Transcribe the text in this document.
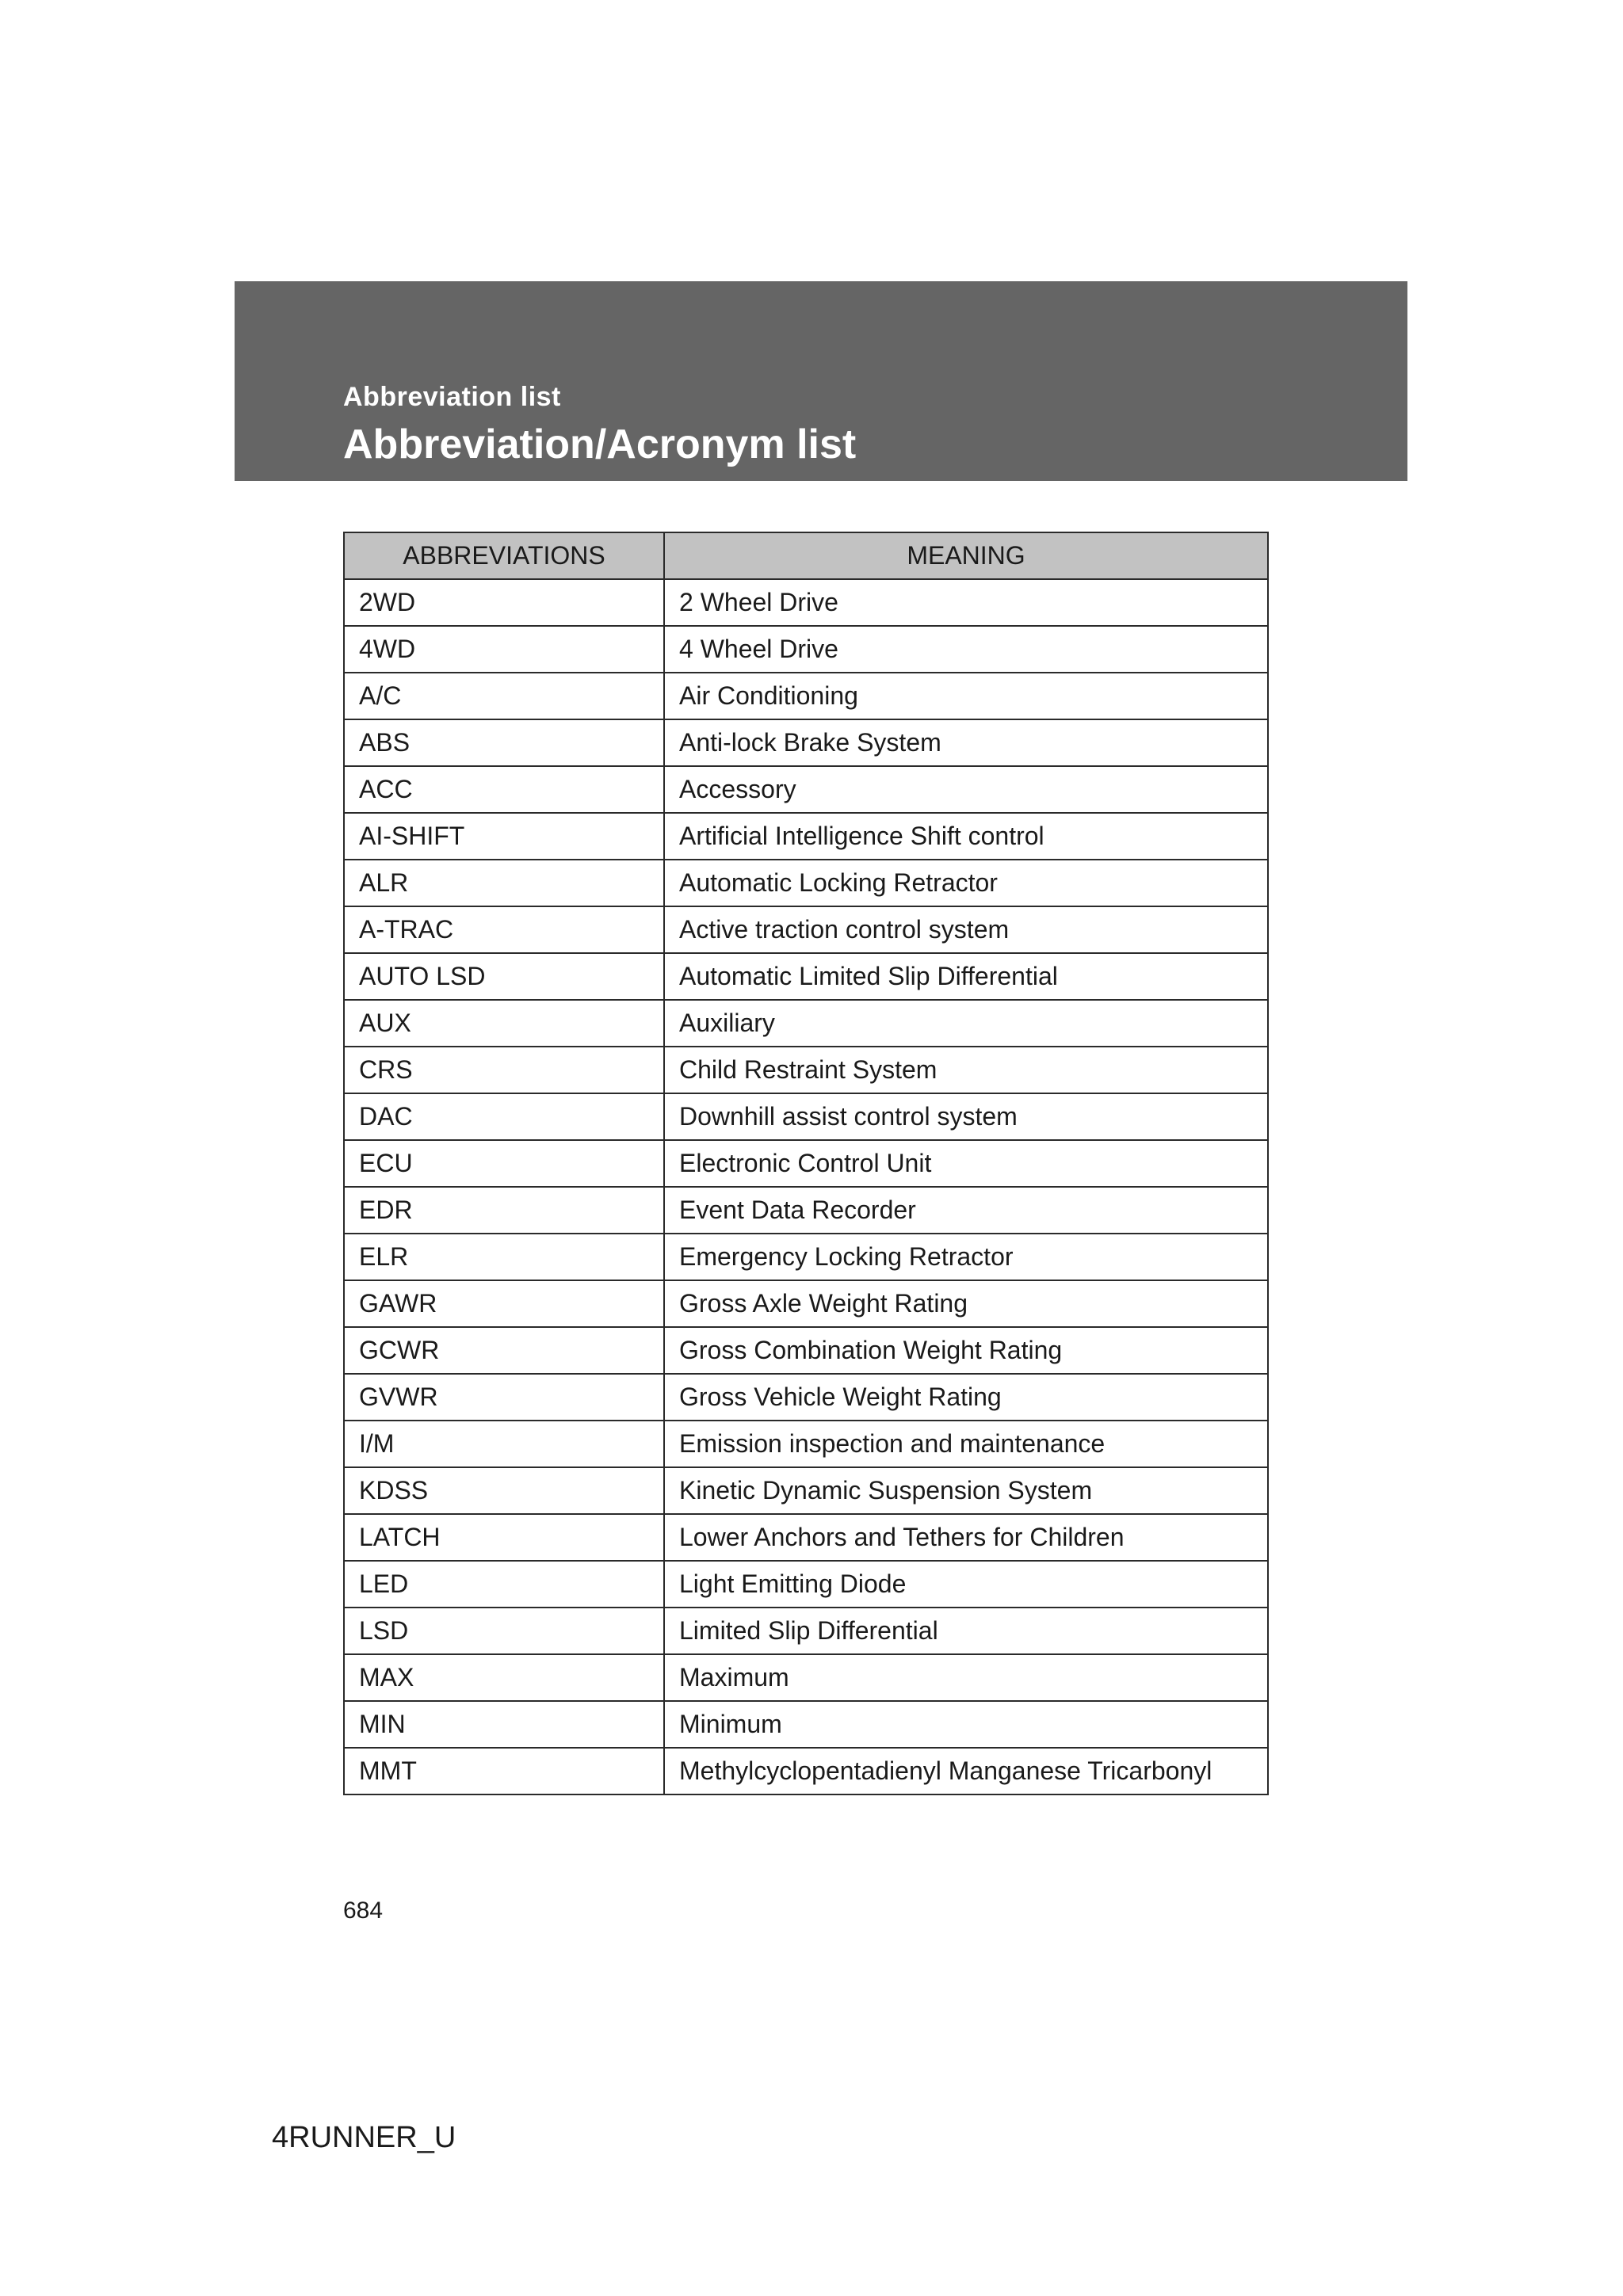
Abbreviation list
Abbreviation/Acronym list
ABBREVIATIONS	MEANING
2WD	2 Wheel Drive
4WD	4 Wheel Drive
A/C	Air Conditioning
ABS	Anti-lock Brake System
ACC	Accessory
AI-SHIFT	Artificial Intelligence Shift control
ALR	Automatic Locking Retractor
A-TRAC	Active traction control system
AUTO LSD	Automatic Limited Slip Differential
AUX	Auxiliary
CRS	Child Restraint System
DAC	Downhill assist control system
ECU	Electronic Control Unit
EDR	Event Data Recorder
ELR	Emergency Locking Retractor
GAWR	Gross Axle Weight Rating
GCWR	Gross Combination Weight Rating
GVWR	Gross Vehicle Weight Rating
I/M	Emission inspection and maintenance
KDSS	Kinetic Dynamic Suspension System
LATCH	Lower Anchors and Tethers for Children
LED	Light Emitting Diode
LSD	Limited Slip Differential
MAX	Maximum
MIN	Minimum
MMT	Methylcyclopentadienyl Manganese Tricarbonyl
684
4RUNNER_U
